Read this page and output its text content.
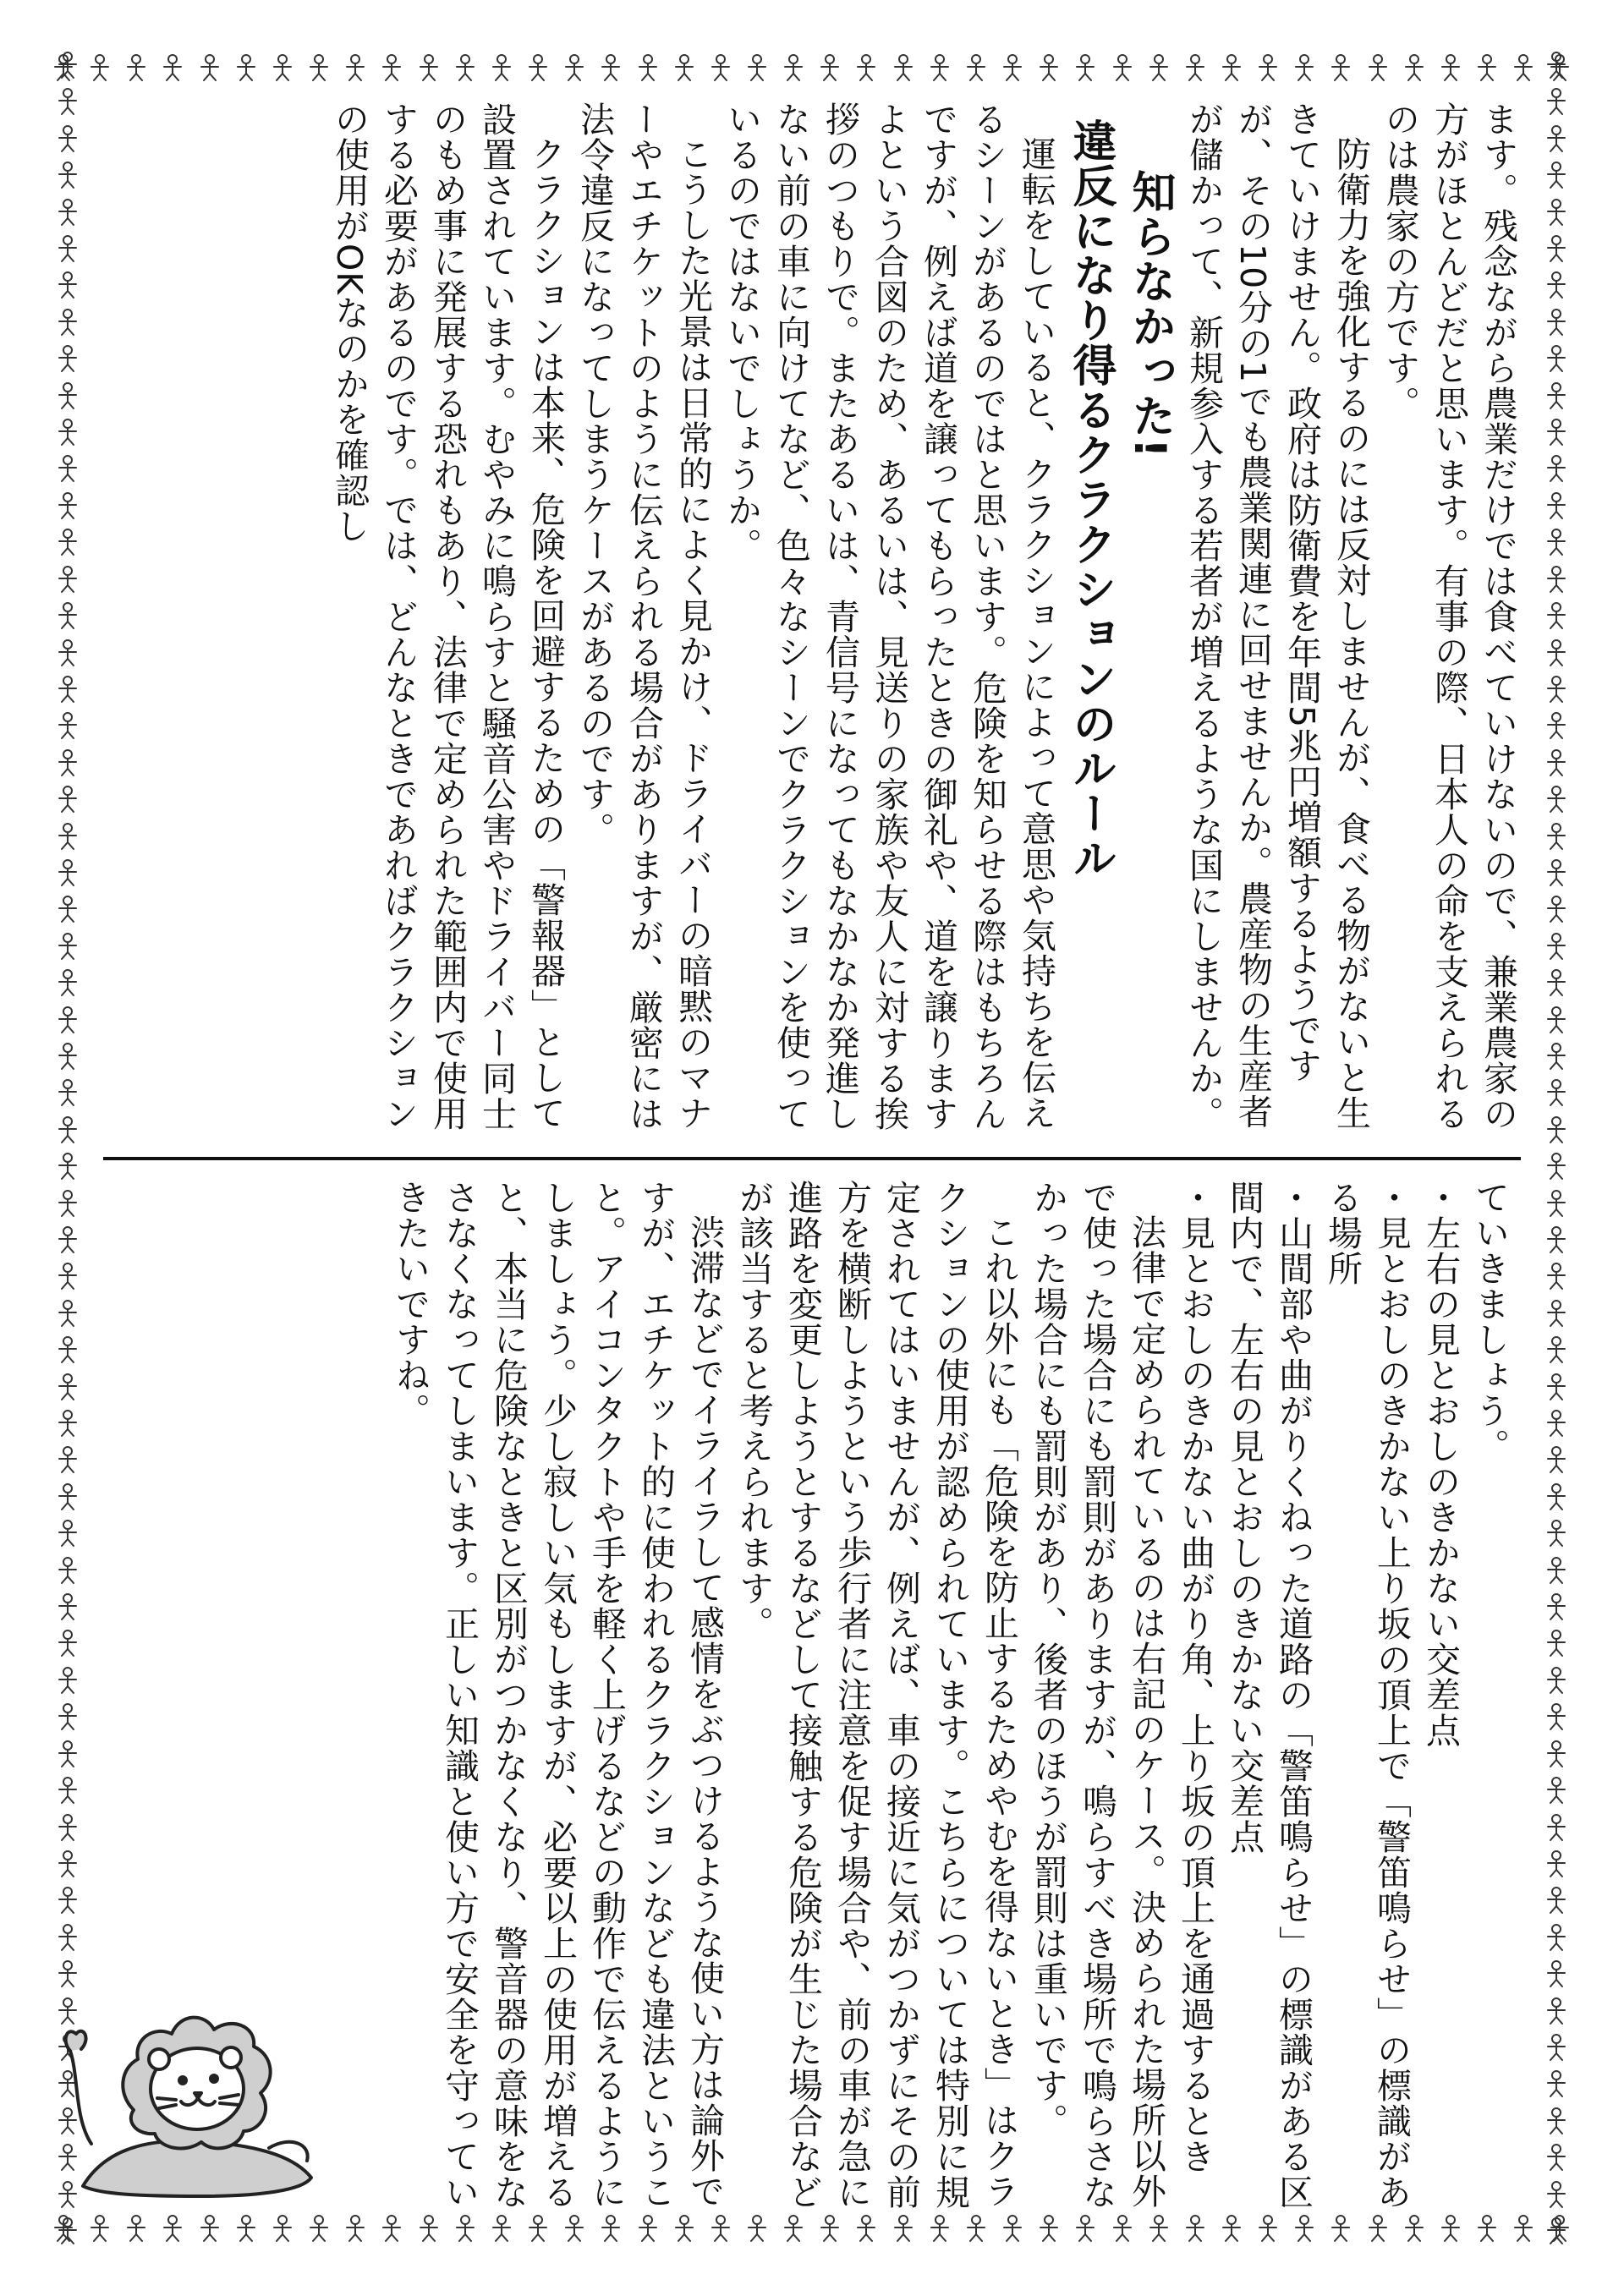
ます。残念ながら農業だけでは食べていけないので、兼業農家の方がほとんどだと思います。有事の際、日本人の命を支えられるのは農家の方です。

防衛力を強化するのには反対しませんが、食べる物がないと生きていけません。政府は防衛費を年間5兆円増額するようですが、その10分の1でも農業関連に回せませんか。農産物の生産者が儲かって、新規参入する若者が増えるような国にしませんか。

知らなかった!

違反になり得るクラクションのルール

運転をしていると、クラクションによって意思や気持ちを伝えるシーンがあるのではと思います。危険を知らせる際はもちろんですが、例えば道を譲ってもらったときの御礼や、道を譲りますよという合図のため、あるいは、見送りの家族や友人に対する挨拶のつもりで。またあるいは、青信号になってもなかなか発進しない前の車に向けてなど、色々なシーンでクラクションを使っているのではないでしょうか。

こうした光景は日常的によく見かけ、ドライバーの暗黙のマナーやエチケットのように伝えられる場合がありますが、厳密には法令違反になってしまうケースがあるのです。

クラクションは本来、危険を回避するための「警報器」として設置されています。むやみに鳴らすと騒音公害やドライバー同士のもめ事に発展する恐れもあり、法律で定められた範囲内で使用する必要があるのです。では、どんなときであればクラクションの使用がOKなのかを確認し

ていきましょう。

・左右の見とおしのきかない交差点

・見とおしのきかない上り坂の頂上で「警笛鳴らせ」の標識がある場所

・山間部や曲がりくねった道路の「警笛鳴らせ」の標識がある区間内で、左右の見とおしのきかない交差点

・見とおしのきかない曲がり角、上り坂の頂上を通過するとき

法律で定められているのは右記のケース。決められた場所以外で使った場合にも罰則がありますが、鳴らすべき場所で鳴らさなかった場合にも罰則があり、後者のほうが罰則は重いです。

これ以外にも「危険を防止するためやむを得ないとき」はクラクションの使用が認められています。こちらについては特別に規定されてはいませんが、例えば、車の接近に気がつかずにその前方を横断しようという歩行者に注意を促す場合や、前の車が急に進路を変更しようとするなどして接触する危険が生じた場合などが該当すると考えられます。

渋滞などでイライラして感情をぶつけるような使い方は論外ですが、エチケット的に使われるクラクションなども違法ということ。アイコンタクトや手を軽く上げるなどの動作で伝えるようにしましょう。少し寂しい気もしますが、必要以上の使用が増えると、本当に危険なときと区別がつかなくなり、警音器の意味をなさなくなってしまいます。正しい知識と使い方で安全を守っていきたいですね。
